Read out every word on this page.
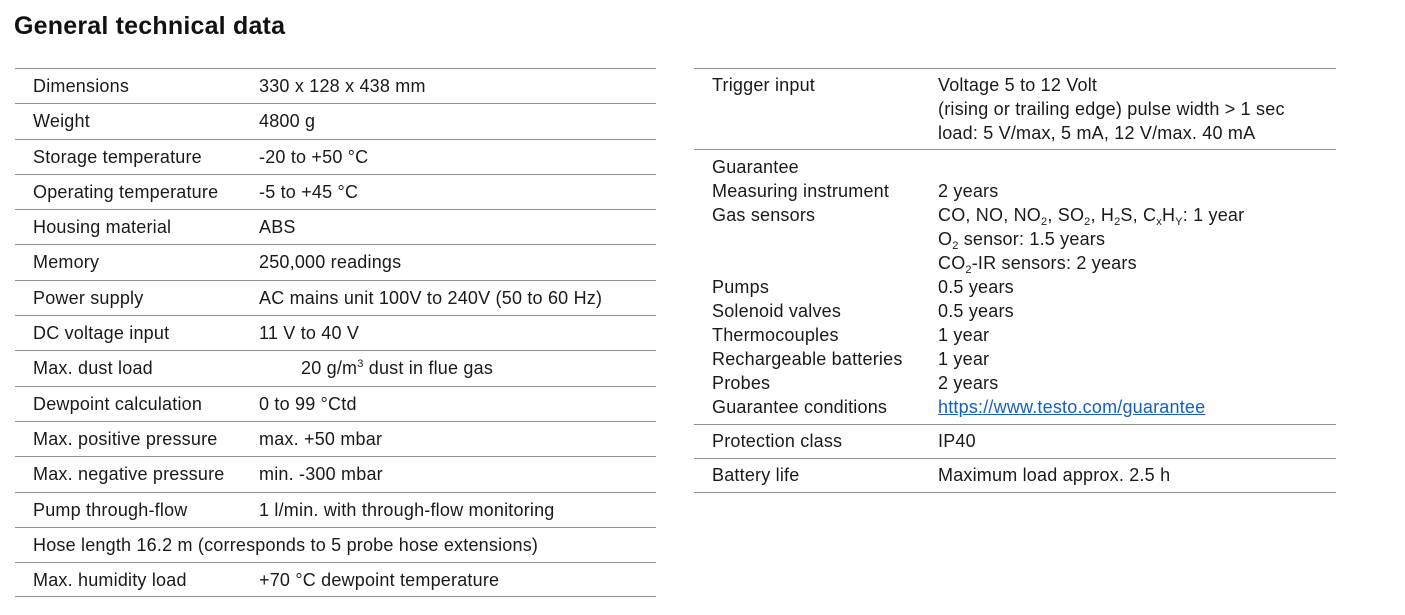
General technical data
Dimensions	330 x 128 x 438 mm
Weight	4800 g
Storage temperature	-20 to +50 °C
Operating temperature	-5 to +45 °C
Housing material	ABS
Memory	250,000 readings
Power supply	AC mains unit 100V to 240V (50 to 60 Hz)
DC voltage input	11 V to 40 V
Max. dust load	20 $g/m^3$ dust in flue gas
Dewpoint calculation	0 to 99 °Ctd
Max. positive pressure	max. +50 mbar
Max. negative pressure	min. -300 mbar
Pump through-flow	1 l/min. with through-flow monitoring
Hose length 16.2 m (corresponds to 5 probe hose extensions)
Max. humidity load	+70 °C dewpoint temperature
Trigger input	Voltage 5 to 12 Volt
(rising or trailing edge) pulse width > 1 sec
load: 5 V/max, 5 mA, 12 V/max. 40 mA
Guarantee
Measuring instrument	2 years
Gas sensors	CO, NO, $NO_2$, $SO_2$, $H_2S$, $C_xH_Y$: 1 year
$O_2$ sensor: 1.5 years
$CO_2-IR$ sensors: 2 years
Pumps	0.5 years
Solenoid valves	0.5 years
Thermocouples	1 year
Rechargeable batteries	1 year
Probes	2 years
Guarantee conditions	https://www.testo.com/guarantee
Protection class	IP40
Battery life	Maximum load approx. 2.5 h
